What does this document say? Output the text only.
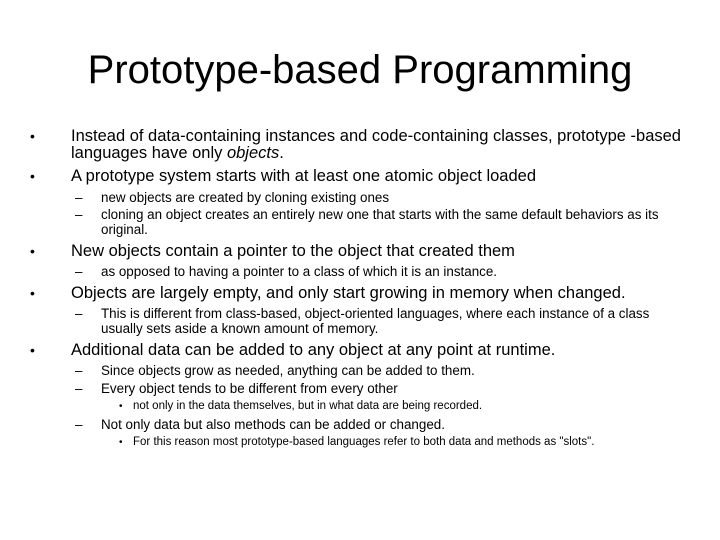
Prototype-based Programming
• Instead of data-containing instances and code-containing classes, prototype -based languages have only objects.
• A prototype system starts with at least one atomic object loaded
– new objects are created by cloning existing ones
– cloning an object creates an entirely new one that starts with the same default behaviors as its original.
• New objects contain a pointer to the object that created them
– as opposed to having a pointer to a class of which it is an instance.
• Objects are largely empty, and only start growing in memory when changed.
– This is different from class-based, object-oriented languages, where each instance of a class usually sets aside a known amount of memory.
• Additional data can be added to any object at any point at runtime.
– Since objects grow as needed, anything can be added to them.
– Every object tends to be different from every other
• not only in the data themselves, but in what data are being recorded.
– Not only data but also methods can be added or changed.
• For this reason most prototype-based languages refer to both data and methods as "slots".
